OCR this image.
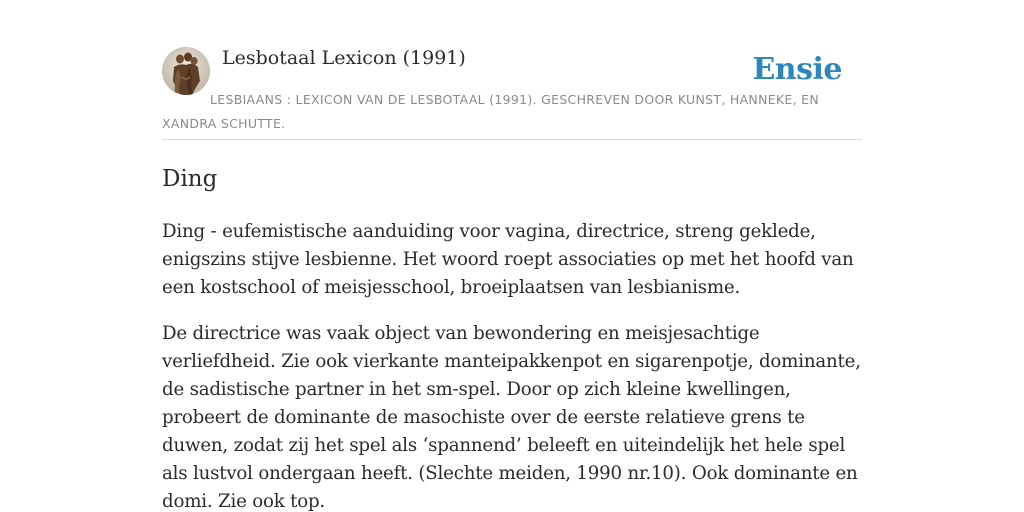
Lesbotaal Lexicon (1991)	Ensie
LESBIAANS : LEXICON VAN DE LESBOTAAL (1991). GESCHREVEN DOOR KUNST, HANNEKE, EN XANDRA SCHUTTE.
Ding

Ding - eufemistische aanduiding voor vagina, directrice, streng geklede, enigszins stijve lesbienne. Het woord roept associaties op met het hoofd van een kostschool of meisjesschool, broeiplaatsen van lesbianisme.

De directrice was vaak object van bewondering en meisjesachtige verliefdheid. Zie ook vierkante manteipakkenpot en sigarenpotje, dominante, de sadistische partner in het sm-spel. Door op zich kleine kwellingen, probeert de dominante de masochiste over de eerste relatieve grens te duwen, zodat zij het spel als ‘spannend’ beleeft en uiteindelijk het hele spel als lustvol ondergaan heeft. (Slechte meiden, 1990 nr.10). Ook dominante en domi. Zie ook top.
